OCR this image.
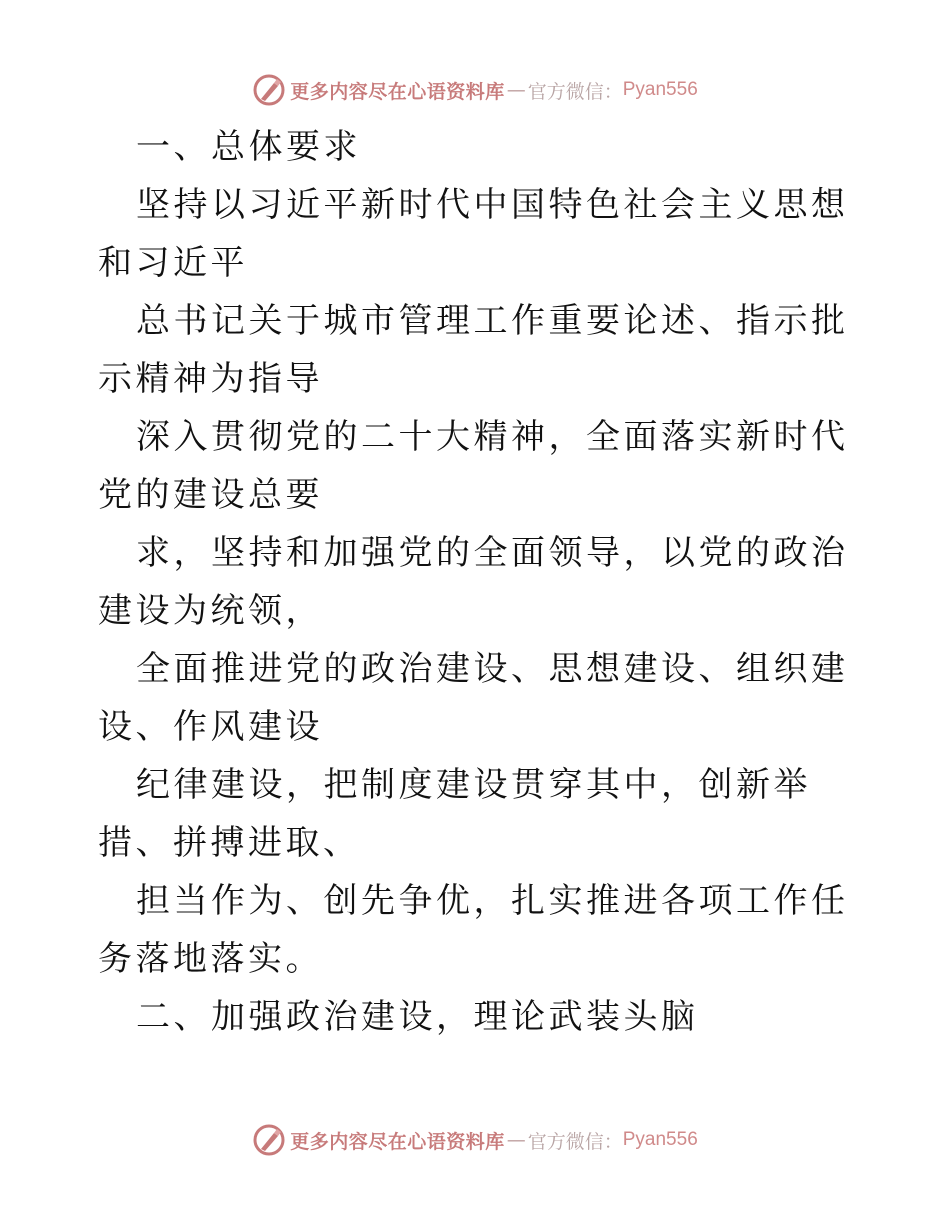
更多内容尽在心语资料库 — 官方微信： Pyan556

一、总体要求

坚持以习近平新时代中国特色社会主义思想和习近平

总书记关于城市管理工作重要论述、指示批示精神为指导

深入贯彻党的二十大精神，全面落实新时代党的建设总要

求，坚持和加强党的全面领导，以党的政治建设为统领，

全面推进党的政治建设、思想建设、组织建设、作风建设

纪律建设，把制度建设贯穿其中，创新举措、拼搏进取、

担当作为、创先争优，扎实推进各项工作任务落地落实。

二、加强政治建设，理论武装头脑

更多内容尽在心语资料库 — 官方微信： Pyan556
